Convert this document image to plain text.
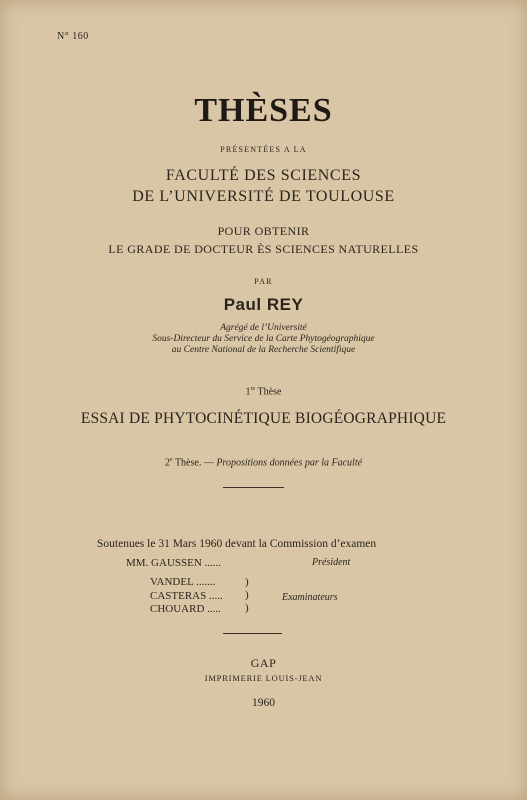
N° 160
THÈSES
PRÉSENTÉES A LA
FACULTÉ DES SCIENCES
DE L’UNIVERSITÉ DE TOULOUSE
POUR OBTENIR
LE GRADE DE DOCTEUR ÈS SCIENCES NATURELLES
PAR
Paul REY
Agrégé de l’Université
Sous-Directeur du Service de la Carte Phytogéographique
au Centre National de la Recherche Scientifique
1re Thèse
ESSAI DE PHYTOCINÉTIQUE BIOGÉOGRAPHIQUE
2e Thèse. — Propositions données par la Faculté
Soutenues le 31 Mars 1960 devant la Commission d’examen
MM. GAUSSEN ......	Président
VANDEL .......
CASTERAS .....
CHOUARD .....
)
)
)
Examinateurs
GAP
IMPRIMERIE LOUIS-JEAN
1960
